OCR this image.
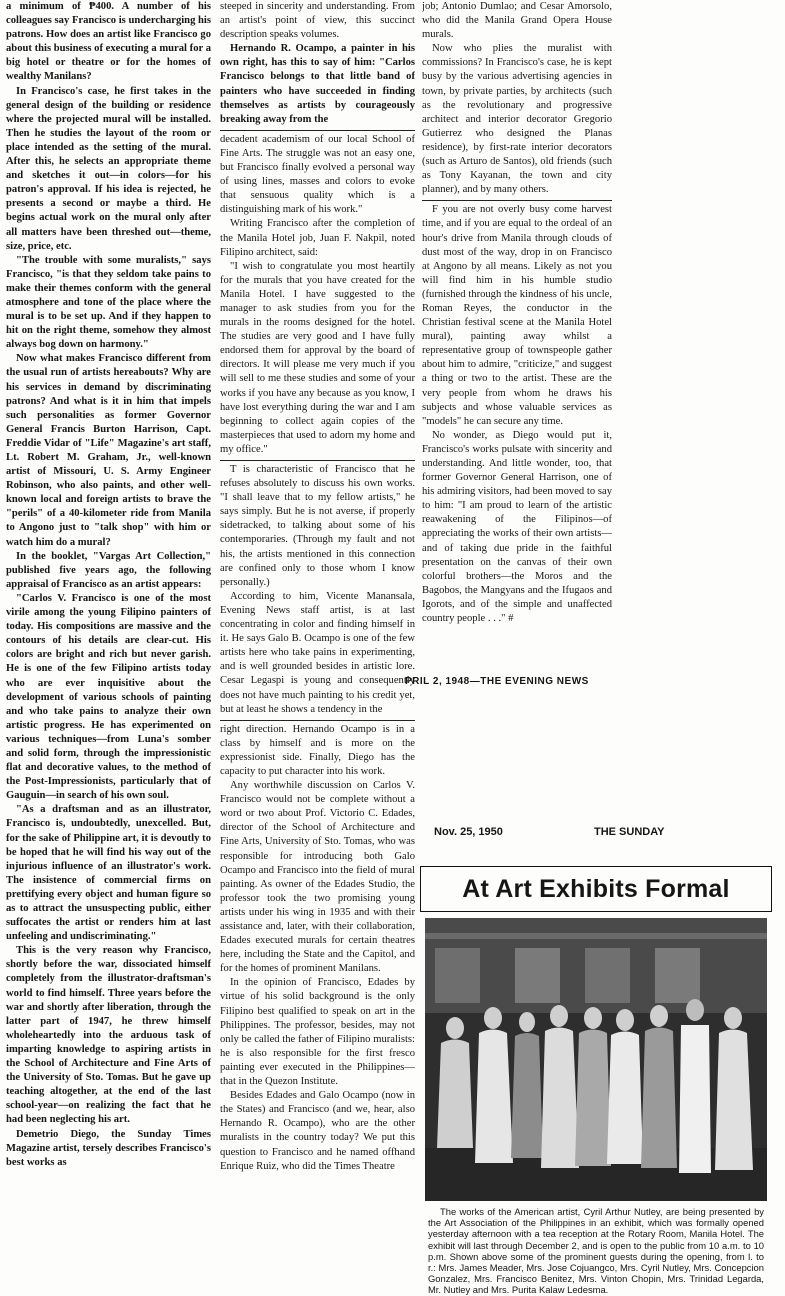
a minimum of ₱400. A number of his colleagues say Francisco is undercharging his patrons. How does an artist like Francisco go about this business of executing a mural for a big hotel or theatre or for the homes of wealthy Manilans?

In Francisco's case, he first takes in the general design of the building or residence where the projected mural will be installed. Then he studies the layout of the room or place intended as the setting of the mural. After this, he selects an appropriate theme and sketches it out—in colors—for his patron's approval. If his idea is rejected, he presents a second or maybe a third. He begins actual work on the mural only after all matters have been threshed out—theme, size, price, etc.

"The trouble with some muralists," says Francisco, "is that they seldom take pains to make their themes conform with the general atmosphere and tone of the place where the mural is to be set up. And if they happen to hit on the right theme, somehow they almost always bog down on harmony."

Now what makes Francisco different from the usual run of artists hereabouts? Why are his services in demand by discriminating patrons? And what is it in him that impels such personalities as former Governor General Francis Burton Harrison, Capt. Freddie Vidar of "Life" Magazine's art staff, Lt. Robert M. Graham, Jr., well-known artist of Missouri, U. S. Army Engineer Robinson, who also paints, and other well-known local and foreign artists to brave the "perils" of a 40-kilometer ride from Manila to Angono just to "talk shop" with him or watch him do a mural?

In the booklet, "Vargas Art Collection," published five years ago, the following appraisal of Francisco as an artist appears:

"Carlos V. Francisco is one of the most virile among the young Filipino painters of today. His compositions are massive and the contours of his details are clear-cut. His colors are bright and rich but never garish. He is one of the few Filipino artists today who are ever inquisitive about the development of various schools of painting and who take pains to analyze their own artistic progress. He has experimented on various techniques—from Luna's somber and solid form, through the impressionistic flat and decorative values, to the method of the Post-Impressionists, particularly that of Gauguin—in search of his own soul.

"As a draftsman and as an illustrator, Francisco is, undoubtedly, unexcelled. But, for the sake of Philippine art, it is devoutly to be hoped that he will find his way out of the injurious influence of an illustrator's work. The insistence of commercial firms on prettifying every object and human figure so as to attract the unsuspecting public, either suffocates the artist or renders him at last unfeeling and undiscriminating."

This is the very reason why Francisco, shortly before the war, dissociated himself completely from the illustrator-draftsman's world to find himself. Three years before the war and shortly after liberation, through the latter part of 1947, he threw himself wholeheartedly into the arduous task of imparting knowledge to aspiring artists in the School of Architecture and Fine Arts of the University of Sto. Tomas. But he gave up teaching altogether, at the end of the last school-year—on realizing the fact that he had been neglecting his art.

Demetrio Diego, the Sunday Times Magazine artist, tersely describes Francisco's best works as

steeped in sincerity and understanding. From an artist's point of view, this succinct description speaks volumes.

Hernando R. Ocampo, a painter in his own right, has this to say of him: "Carlos Francisco belongs to that little band of painters who have succeeded in finding themselves as artists by courageously breaking away from the

decadent academism of our local School of Fine Arts. The struggle was not an easy one, but Francisco finally evolved a personal way of using lines, masses and colors to evoke that sensuous quality which is a distinguishing mark of his work."

Writing Francisco after the completion of the Manila Hotel job, Juan F. Nakpil, noted Filipino architect, said:

"I wish to congratulate you most heartily for the murals that you have created for the Manila Hotel. I have suggested to the manager to ask studies from you for the murals in the rooms designed for the hotel. The studies are very good and I have fully endorsed them for approval by the board of directors. It will please me very much if you will sell to me these studies and some of your works if you have any because as you know, I have lost everything during the war and I am beginning to collect again copies of the masterpieces that used to adorn my home and my office."

T is characteristic of Francisco that he refuses absolutely to discuss his own works. "I shall leave that to my fellow artists," he says simply. But he is not averse, if properly sidetracked, to talking about some of his contemporaries. (Through my fault and not his, the artists mentioned in this connection are confined only to those whom I know personally.)

According to him, Vicente Manansala, Evening News staff artist, is at last concentrating in color and finding himself in it. He says Galo B. Ocampo is one of the few artists here who take pains in experimenting, and is well grounded besides in artistic lore. Cesar Legaspi is young and consequently does not have much painting to his credit yet, but at least he shows a tendency in the

right direction. Hernando Ocampo is in a class by himself and is more on the expressionist side. Finally, Diego has the capacity to put character into his work.

Any worthwhile discussion on Carlos V. Francisco would not be complete without a word or two about Prof. Victorio C. Edades, director of the School of Architecture and Fine Arts, University of Sto. Tomas, who was responsible for introducing both Galo Ocampo and Francisco into the field of mural painting. As owner of the Edades Studio, the professor took the two promising young artists under his wing in 1935 and with their assistance and, later, with their collaboration, Edades executed murals for certain theatres here, including the State and the Capitol, and for the homes of prominent Manilans.

In the opinion of Francisco, Edades by virtue of his solid background is the only Filipino best qualified to speak on art in the Philippines. The professor, besides, may not only be called the father of Filipino muralists: he is also responsible for the first fresco painting ever executed in the Philippines—that in the Quezon Institute.

Besides Edades and Galo Ocampo (now in the States) and Francisco (and we, hear, also Hernando R. Ocampo), who are the other muralists in the country today? We put this question to Francisco and he named offhand Enrique Ruiz, who did the Times Theatre

job; Antonio Dumlao; and Cesar Amorsolo, who did the Manila Grand Opera House murals.

Now who plies the muralist with commissions? In Francisco's case, he is kept busy by the various advertising agencies in town, by private parties, by architects (such as the revolutionary and progressive architect and interior decorator Gregorio Gutierrez who designed the Planas residence), by first-rate interior decorators (such as Arturo de Santos), old friends (such as Tony Kayanan, the town and city planner), and by many others.

F you are not overly busy come harvest time, and if you are equal to the ordeal of an hour's drive from Manila through clouds of dust most of the way, drop in on Francisco at Angono by all means. Likely as not you will find him in his humble studio (furnished through the kindness of his uncle, Roman Reyes, the conductor in the Christian festival scene at the Manila Hotel mural), painting away whilst a representative group of townspeople gather about him to admire, "criticize," and suggest a thing or two to the artist. These are the very people from whom he draws his subjects and whose valuable services as "models" he can secure any time.

No wonder, as Diego would put it, Francisco's works pulsate with sincerity and understanding. And little wonder, too, that former Governor General Harrison, one of his admiring visitors, had been moved to say to him: "I am proud to learn of the artistic reawakening of the Filipinos—of appreciating the works of their own artists—and of taking due pride in the faithful presentation on the canvas of their own colorful brothers—the Moros and the Bagobos, the Mangyans and the Ifugaos and Igorots, and of the simple and unaffected country people . . ." #

PRIL 2, 1948—THE EVENING NEWS
Nov. 25, 1950	THE SUNDAY
At Art Exhibits Formal
The works of the American artist, Cyril Arthur Nutley, are being presented by the Art Association of the Philippines in an exhibit, which was formally opened yesterday afternoon with a tea reception at the Rotary Room, Manila Hotel. The exhibit will last through December 2, and is open to the public from 10 a.m. to 10 p.m. Shown above some of the prominent guests during the opening, from l. to r.: Mrs. James Meader, Mrs. Jose Cojuangco, Mrs. Cyril Nutley, Mrs. Concepcion Gonzalez, Mrs. Francisco Benitez, Mrs. Vinton Chopin, Mrs. Trinidad Legarda, Mr. Nutley and Mrs. Purita Kalaw Ledesma.
